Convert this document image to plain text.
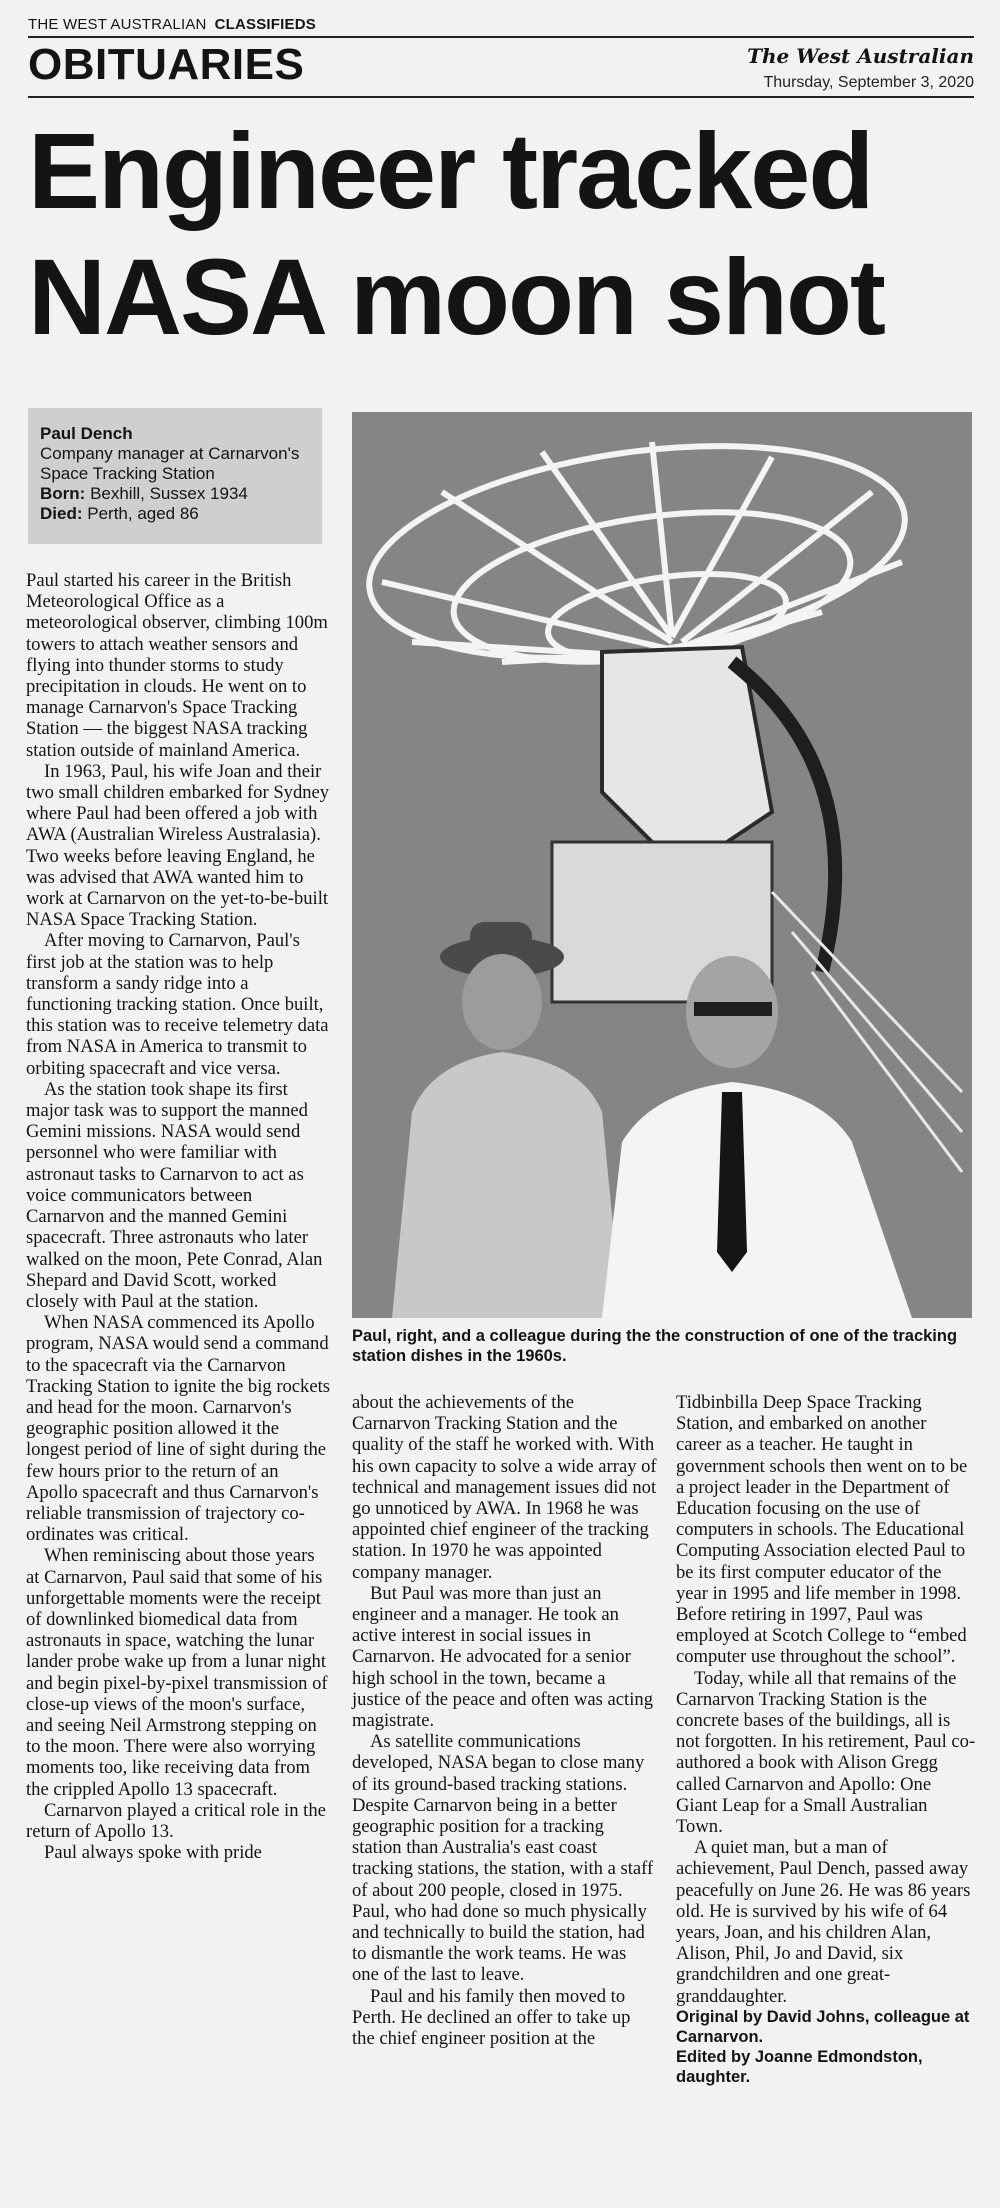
THE WEST AUSTRALIAN CLASSIFIEDS
OBITUARIES	The West Australian
Thursday, September 3, 2020
Engineer tracked
NASA moon shot
Paul Dench
Company manager at Carnarvon's Space Tracking Station
Born: Bexhill, Sussex 1934
Died: Perth, aged 86
Paul, right, and a colleague during the the construction of one of the tracking station dishes in the 1960s.

Paul started his career in the British Meteorological Office as a meteorological observer, climbing 100m towers to attach weather sensors and flying into thunder storms to study precipitation in clouds. He went on to manage Carnarvon's Space Tracking Station — the biggest NASA tracking station outside of mainland America.

In 1963, Paul, his wife Joan and their two small children embarked for Sydney where Paul had been offered a job with AWA (Australian Wireless Australasia). Two weeks before leaving England, he was advised that AWA wanted him to work at Carnarvon on the yet-to-be-built NASA Space Tracking Station.

After moving to Carnarvon, Paul's first job at the station was to help transform a sandy ridge into a functioning tracking station. Once built, this station was to receive telemetry data from NASA in America to transmit to orbiting spacecraft and vice versa.

As the station took shape its first major task was to support the manned Gemini missions. NASA would send personnel who were familiar with astronaut tasks to Carnarvon to act as voice communicators between Carnarvon and the manned Gemini spacecraft. Three astronauts who later walked on the moon, Pete Conrad, Alan Shepard and David Scott, worked closely with Paul at the station.

When NASA commenced its Apollo program, NASA would send a command to the spacecraft via the Carnarvon Tracking Station to ignite the big rockets and head for the moon. Carnarvon's geographic position allowed it the longest period of line of sight during the few hours prior to the return of an Apollo spacecraft and thus Carnarvon's reliable transmission of trajectory co-ordinates was critical.

When reminiscing about those years at Carnarvon, Paul said that some of his unforgettable moments were the receipt of downlinked biomedical data from astronauts in space, watching the lunar lander probe wake up from a lunar night and begin pixel-by-pixel transmission of close-up views of the moon's surface, and seeing Neil Armstrong stepping on to the moon. There were also worrying moments too, like receiving data from the crippled Apollo 13 spacecraft.

Carnarvon played a critical role in the return of Apollo 13.

Paul always spoke with pride

about the achievements of the Carnarvon Tracking Station and the quality of the staff he worked with. With his own capacity to solve a wide array of technical and management issues did not go unnoticed by AWA. In 1968 he was appointed chief engineer of the tracking station. In 1970 he was appointed company manager.

But Paul was more than just an engineer and a manager. He took an active interest in social issues in Carnarvon. He advocated for a senior high school in the town, became a justice of the peace and often was acting magistrate.

As satellite communications developed, NASA began to close many of its ground-based tracking stations. Despite Carnarvon being in a better geographic position for a tracking station than Australia's east coast tracking stations, the station, with a staff of about 200 people, closed in 1975. Paul, who had done so much physically and technically to build the station, had to dismantle the work teams. He was one of the last to leave.

Paul and his family then moved to Perth. He declined an offer to take up the chief engineer position at the

Tidbinbilla Deep Space Tracking Station, and embarked on another career as a teacher. He taught in government schools then went on to be a project leader in the Department of Education focusing on the use of computers in schools. The Educational Computing Association elected Paul to be its first computer educator of the year in 1995 and life member in 1998. Before retiring in 1997, Paul was employed at Scotch College to “embed computer use throughout the school”.

Today, while all that remains of the Carnarvon Tracking Station is the concrete bases of the buildings, all is not forgotten. In his retirement, Paul co-authored a book with Alison Gregg called Carnarvon and Apollo: One Giant Leap for a Small Australian Town.

A quiet man, but a man of achievement, Paul Dench, passed away peacefully on June 26. He was 86 years old. He is survived by his wife of 64 years, Joan, and his children Alan, Alison, Phil, Jo and David, six grandchildren and one great-granddaughter.

Original by David Johns, colleague at Carnarvon.

Edited by Joanne Edmondston, daughter.
